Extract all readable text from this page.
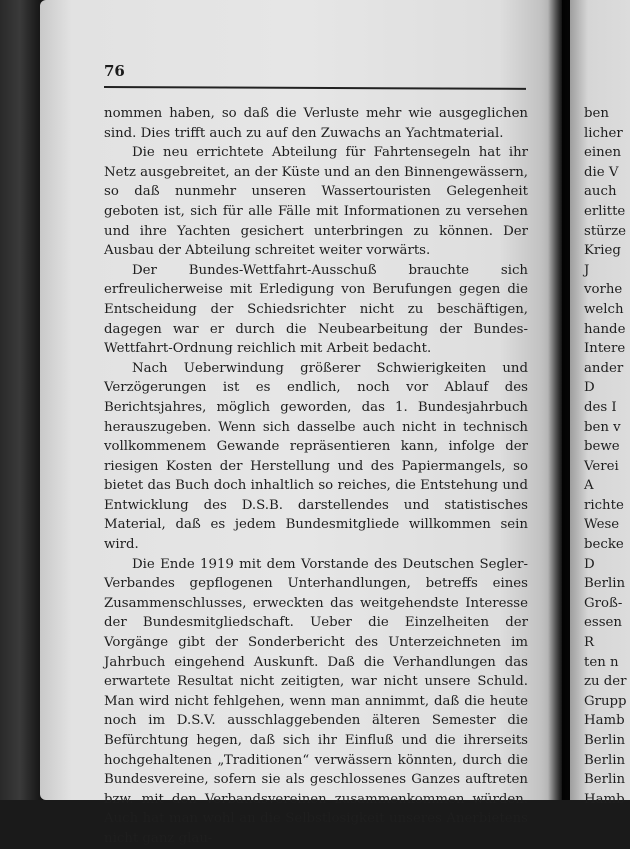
76

nommen haben, so daß die Verluste mehr wie ausgeglichen sind. Dies trifft auch zu auf den Zuwachs an Yachtmaterial.

Die neu errichtete Abteilung für Fahrtensegeln hat ihr Netz ausgebreitet, an der Küste und an den Binnengewässern, so daß nunmehr unseren Wassertouristen Gelegenheit geboten ist, sich für alle Fälle mit Informationen zu versehen und ihre Yachten gesichert unterbringen zu können. Der Ausbau der Abteilung schreitet weiter vorwärts.

Der Bundes-Wettfahrt-Ausschuß brauchte sich erfreulicherweise mit Erledigung von Berufungen gegen die Entscheidung der Schiedsrichter nicht zu beschäftigen, dagegen war er durch die Neubearbeitung der Bundes-Wettfahrt-Ordnung reichlich mit Arbeit bedacht.

Nach Ueberwindung größerer Schwierigkeiten und Verzögerungen ist es endlich, noch vor Ablauf des Berichtsjahres, möglich geworden, das 1. Bundesjahrbuch herauszugeben. Wenn sich dasselbe auch nicht in technisch vollkommenem Gewande repräsentieren kann, infolge der riesigen Kosten der Herstellung und des Papiermangels, so bietet das Buch doch inhaltlich so reiches, die Entstehung und Entwicklung des D.S.B. darstellendes und statistisches Material, daß es jedem Bundesmitgliede willkommen sein wird.

Die Ende 1919 mit dem Vorstande des Deutschen Segler-Verbandes gepflogenen Unterhandlungen, betreffs eines Zusammenschlusses, erweckten das weitgehendste Interesse der Bundesmitgliedschaft. Ueber die Einzelheiten der Vorgänge gibt der Sonderbericht des Unterzeichneten im Jahrbuch eingehend Auskunft. Daß die Verhandlungen das erwartete Resultat nicht zeitigten, war nicht unsere Schuld. Man wird nicht fehlgehen, wenn man annimmt, daß die heute noch im D.S.V. ausschlaggebenden älteren Semester die Befürchtung hegen, daß sich ihr Einfluß und die ihrerseits hochgehaltenen „Traditionen“ verwässern könnten, durch die Bundesvereine, sofern sie als geschlossenes Ganzes auftreten bzw. mit den Verbandsvereinen zusammenkommen würden. Auch hat man wohl an die Selbstlosigkeit unseres Anerbietens nicht ganz glau-

ben
licher
einen
die V
auch
erlitte
stürze
Krieg
J
vorhe
welch
hande
Intere
ander
D
des I
ben v
bewe
Verei
A
richte
Wese
becke
D
Berlin
Groß-
essen
R
ten n
zu der
Grupp
Hamb
Berlin
Berlin
Berlin
Hamb
